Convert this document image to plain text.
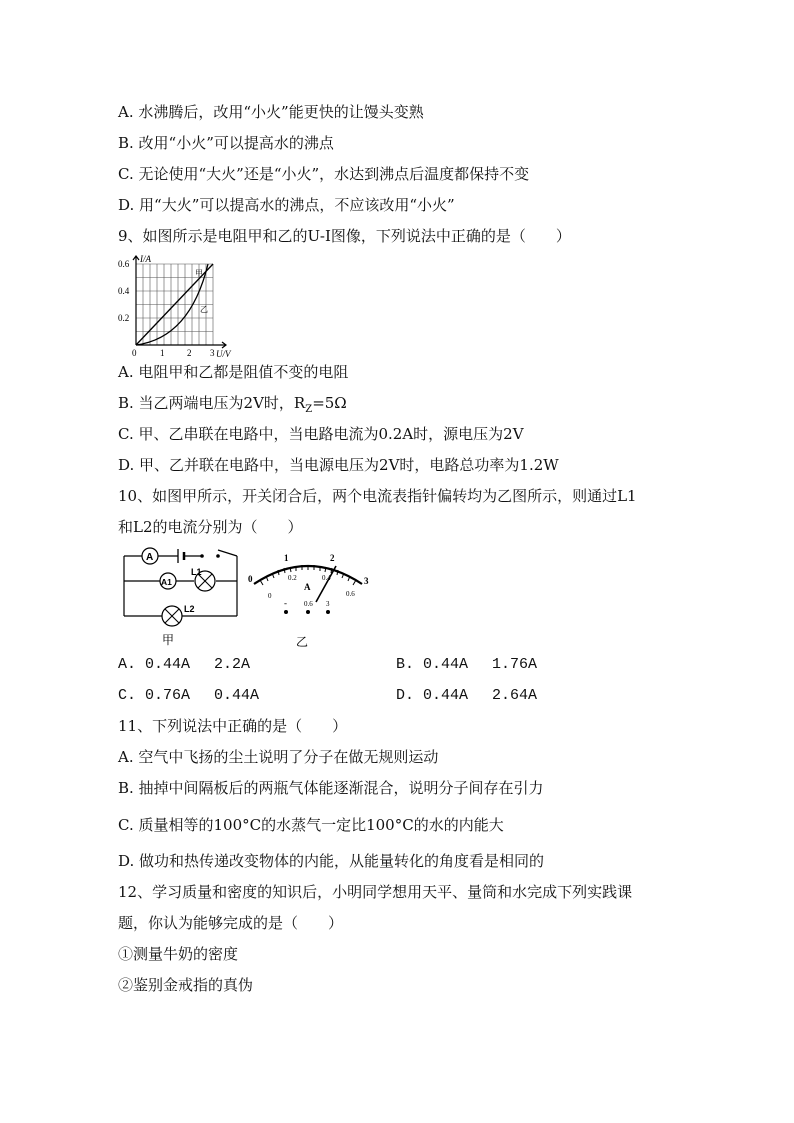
A. 水沸腾后，改用“小火”能更快的让馒头变熟
B. 改用“小火”可以提高水的沸点
C. 无论使用“大火”还是“小火”，水达到沸点后温度都保持不变
D. 用“大火”可以提高水的沸点，不应该改用“小火”
9、如图所示是电阻甲和乙的U-I图像，下列说法中正确的是（　　）
I/A
U/V
0.6
0.4
0.2
0	1	2 3
甲
乙
A. 电阻甲和乙都是阻值不变的电阻
B. 当乙两端电压为2V时，$R_Z=5\Omega$
C. 甲、乙串联在电路中，当电路电流为0.2A时，源电压为2V
D. 甲、乙并联在电路中，当电源电压为2V时，电路总功率为1.2W
10、如图甲所示，开关闭合后，两个电流表指针偏转均为乙图所示，则通过L1
和L2的电流分别为（　　）
A
A1
L1
L2
甲
0
1	2
3
0
0.2	0.4
0.6
A
- 0.6 3
乙
A. 0.44A　 2.2A	B. 0.44A　 1.76A
C. 0.76A　 0.44A	D. 0.44A　 2.64A
11、下列说法中正确的是（　　）
A. 空气中飞扬的尘土说明了分子在做无规则运动
B. 抽掉中间隔板后的两瓶气体能逐渐混合，说明分子间存在引力
C. 质量相等的100°C的水蒸气一定比100°C的水的内能大
D. 做功和热传递改变物体的内能，从能量转化的角度看是相同的
12、学习质量和密度的知识后，小明同学想用天平、量筒和水完成下列实践课
题，你认为能够完成的是（　　）
①测量牛奶的密度
②鉴别金戒指的真伪
